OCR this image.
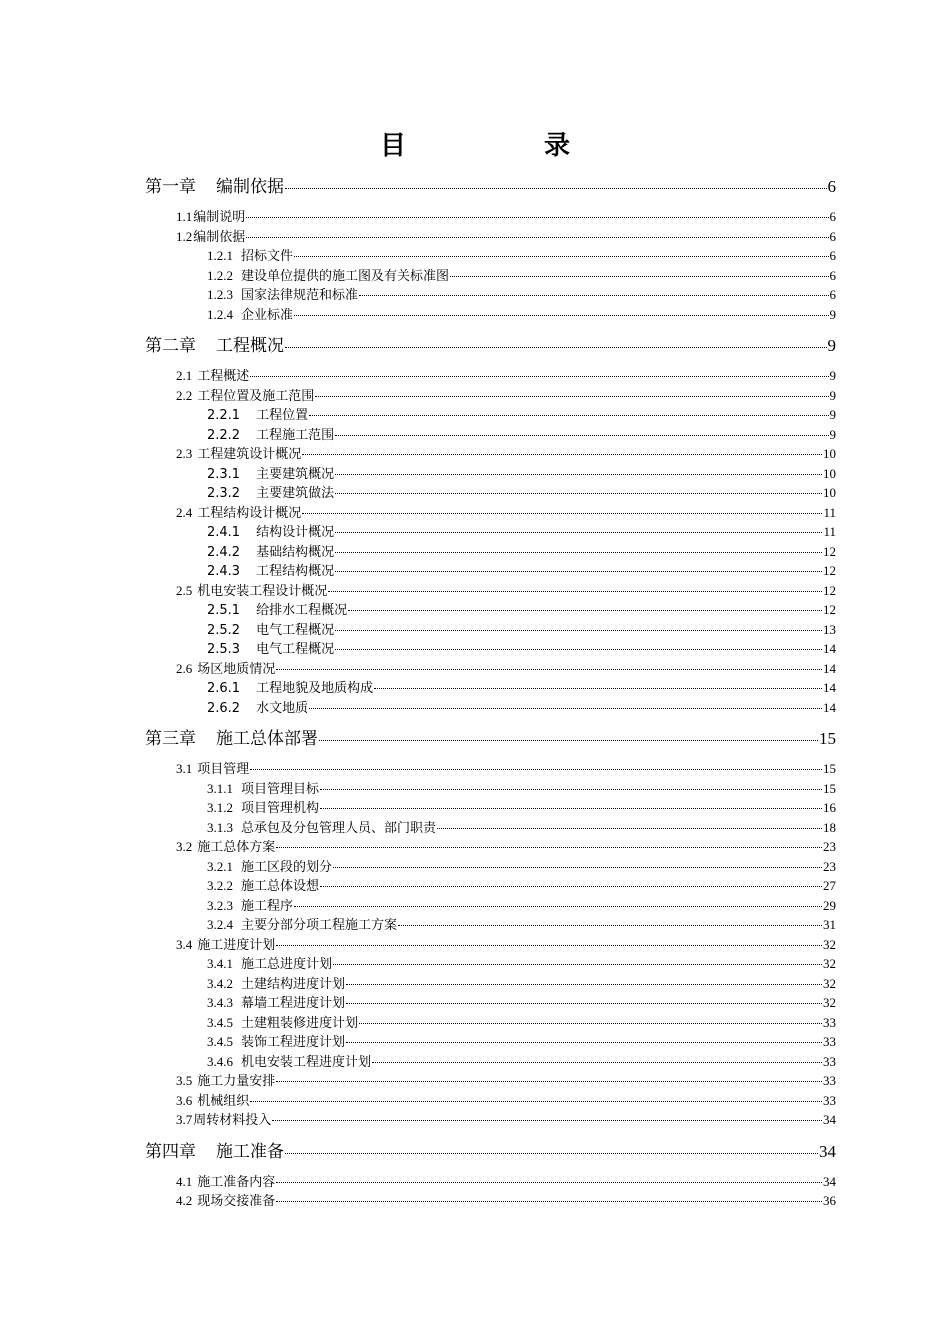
目　录
第一章 编制依据	6
1.1编制说明	6
1.2编制依据	6
1.2.1 招标文件	6
1.2.2 建设单位提供的施工图及有关标准图	6
1.2.3 国家法律规范和标准	6
1.2.4 企业标准	9
第二章 工程概况	9
2.1 工程概述	9
2.2 工程位置及施工范围	9
2.2.1 工程位置	9
2.2.2 工程施工范围	9
2.3 工程建筑设计概况	10
2.3.1 主要建筑概况	10
2.3.2 主要建筑做法	10
2.4 工程结构设计概况	11
2.4.1 结构设计概况	11
2.4.2 基础结构概况	12
2.4.3 工程结构概况	12
2.5 机电安装工程设计概况	12
2.5.1 给排水工程概况	12
2.5.2 电气工程概况	13
2.5.3 电气工程概况	14
2.6 场区地质情况	14
2.6.1 工程地貌及地质构成	14
2.6.2 水文地质	14
第三章 施工总体部署	15
3.1 项目管理	15
3.1.1 项目管理目标	15
3.1.2 项目管理机构	16
3.1.3 总承包及分包管理人员、部门职责	18
3.2 施工总体方案	23
3.2.1 施工区段的划分	23
3.2.2 施工总体设想	27
3.2.3 施工程序	29
3.2.4 主要分部分项工程施工方案	31
3.4 施工进度计划	32
3.4.1 施工总进度计划	32
3.4.2 土建结构进度计划	32
3.4.3 幕墙工程进度计划	32
3.4.5 土建粗装修进度计划	33
3.4.5 装饰工程进度计划	33
3.4.6 机电安装工程进度计划	33
3.5 施工力量安排	33
3.6 机械组织	33
3.7周转材料投入	34
第四章 施工准备	34
4.1 施工准备内容	34
4.2 现场交接准备	36
